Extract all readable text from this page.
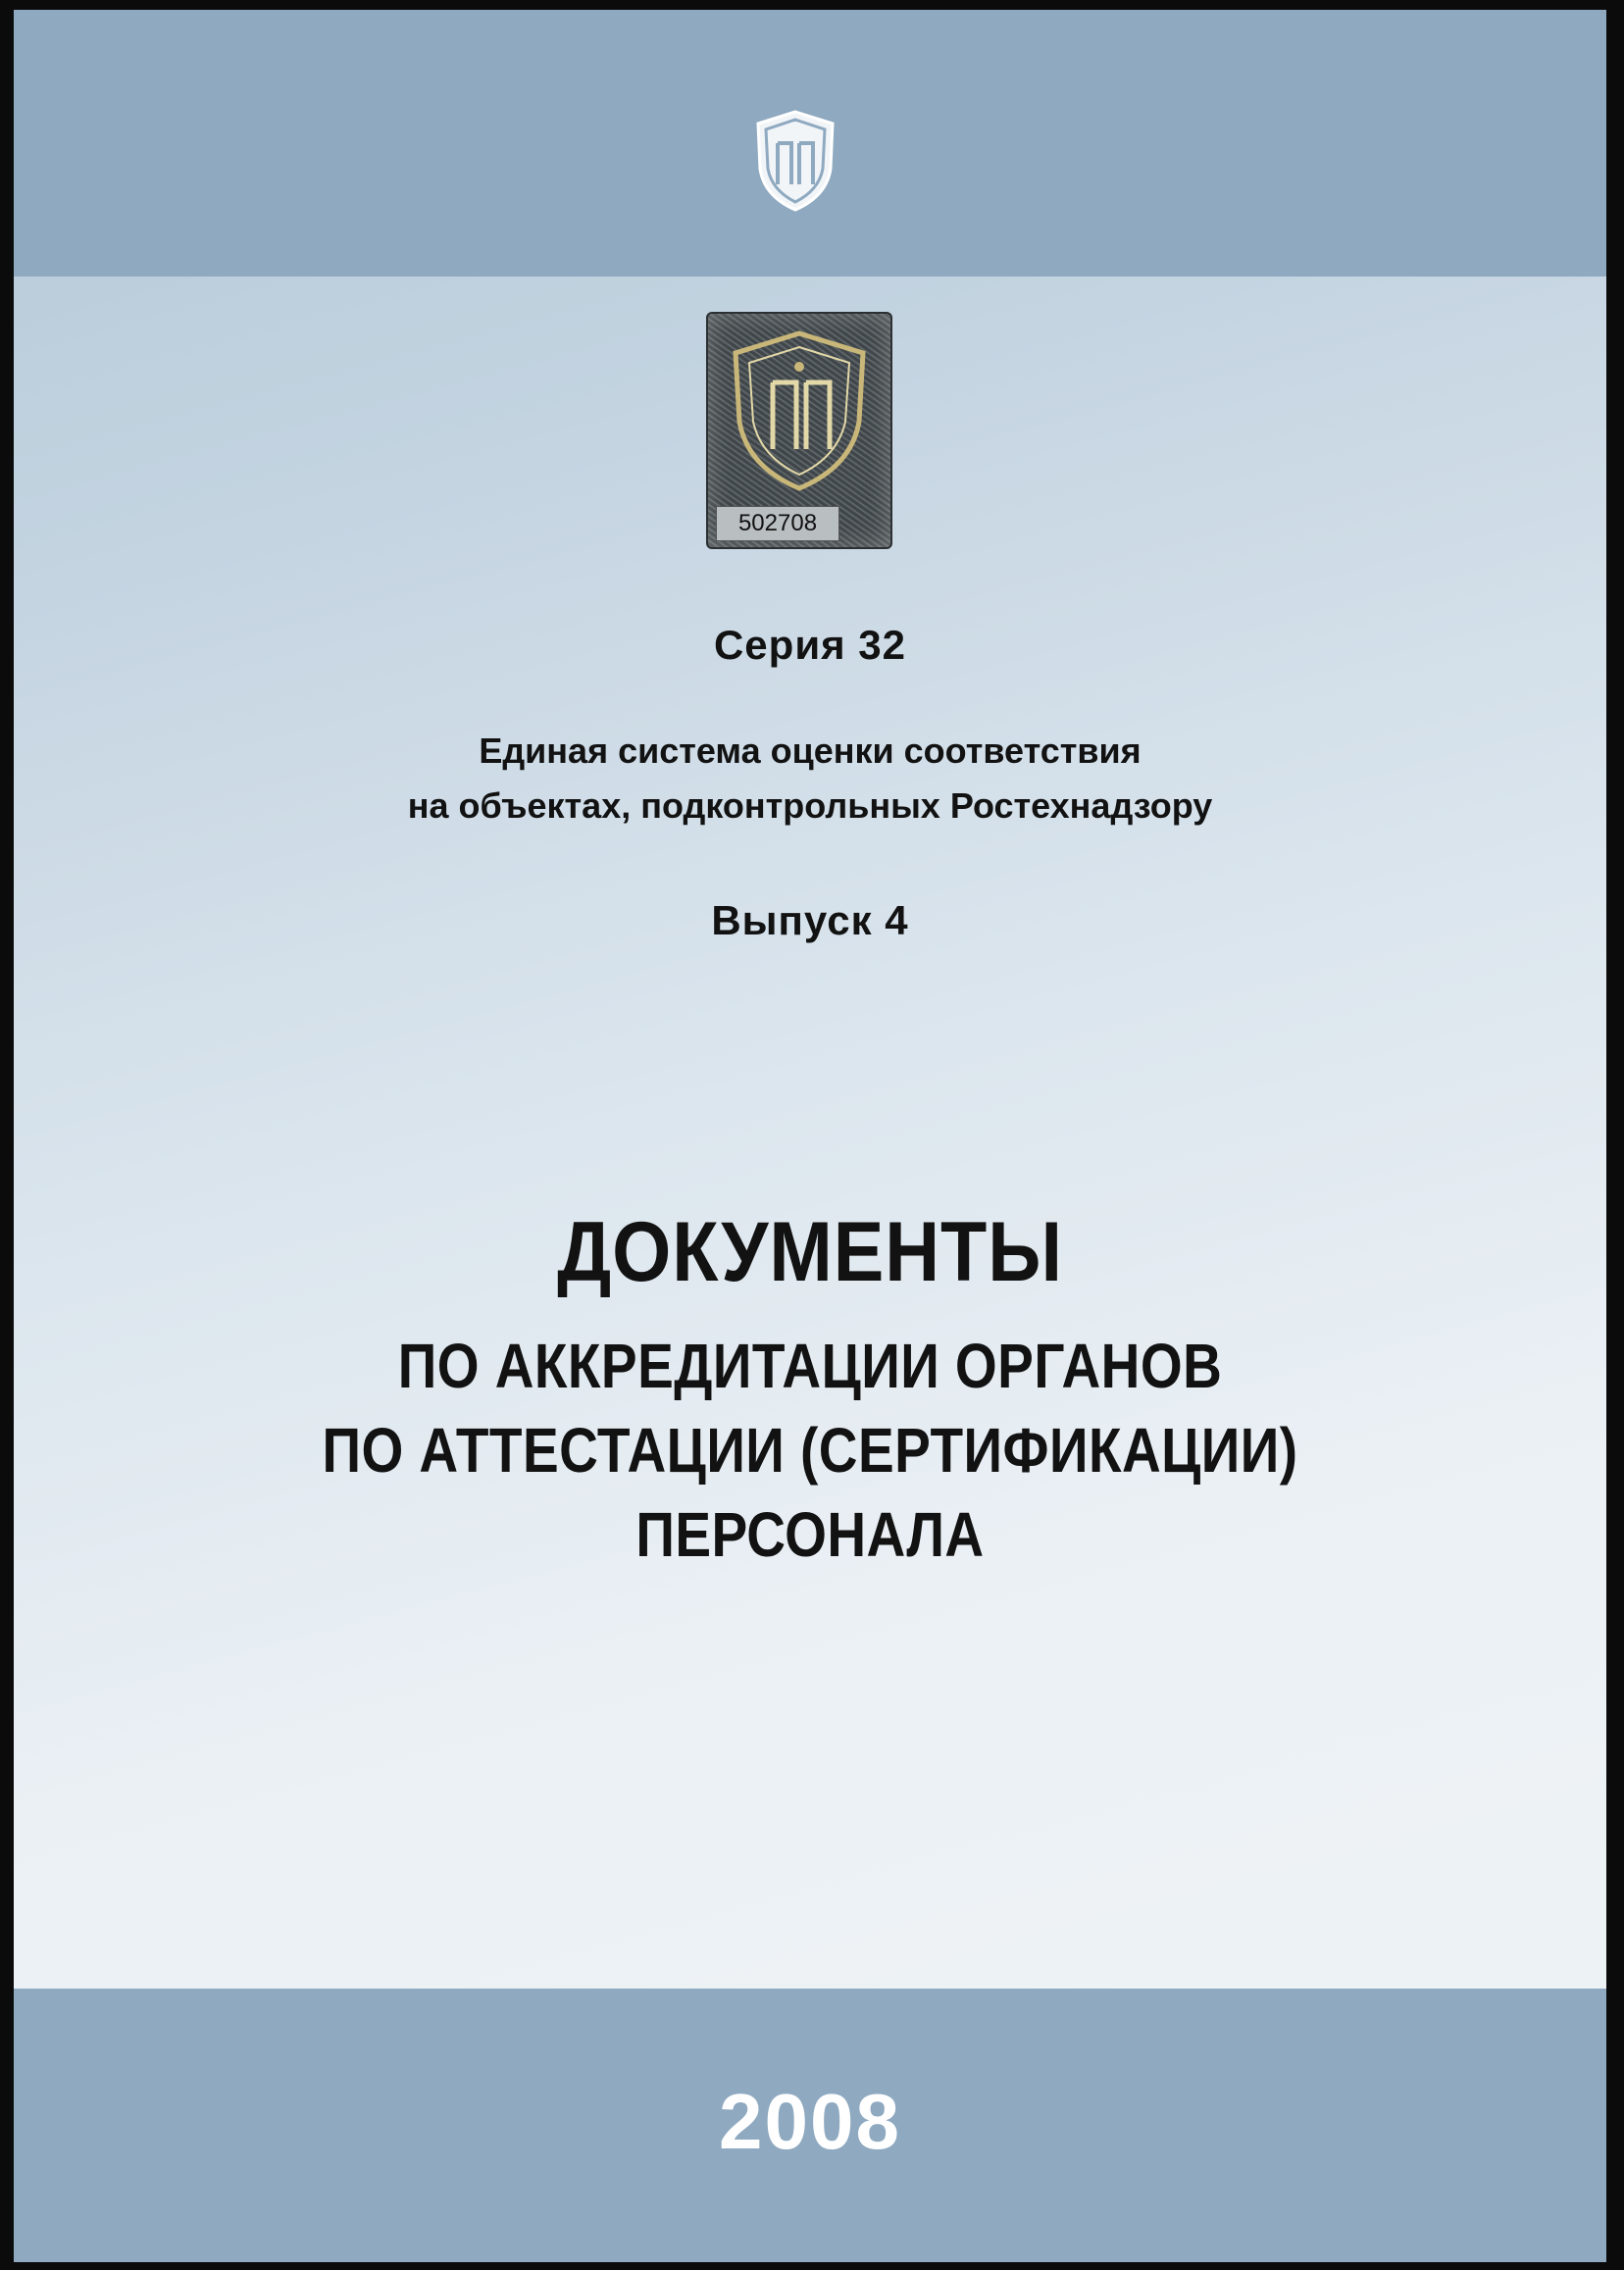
502708

Серия 32

Единая система оценки соответствия
на объектах, подконтрольных Ростехнадзору

Выпуск 4

ДОКУМЕНТЫ

ПО АККРЕДИТАЦИИ ОРГАНОВ
ПО АТТЕСТАЦИИ (СЕРТИФИКАЦИИ)
ПЕРСОНАЛА

2008
